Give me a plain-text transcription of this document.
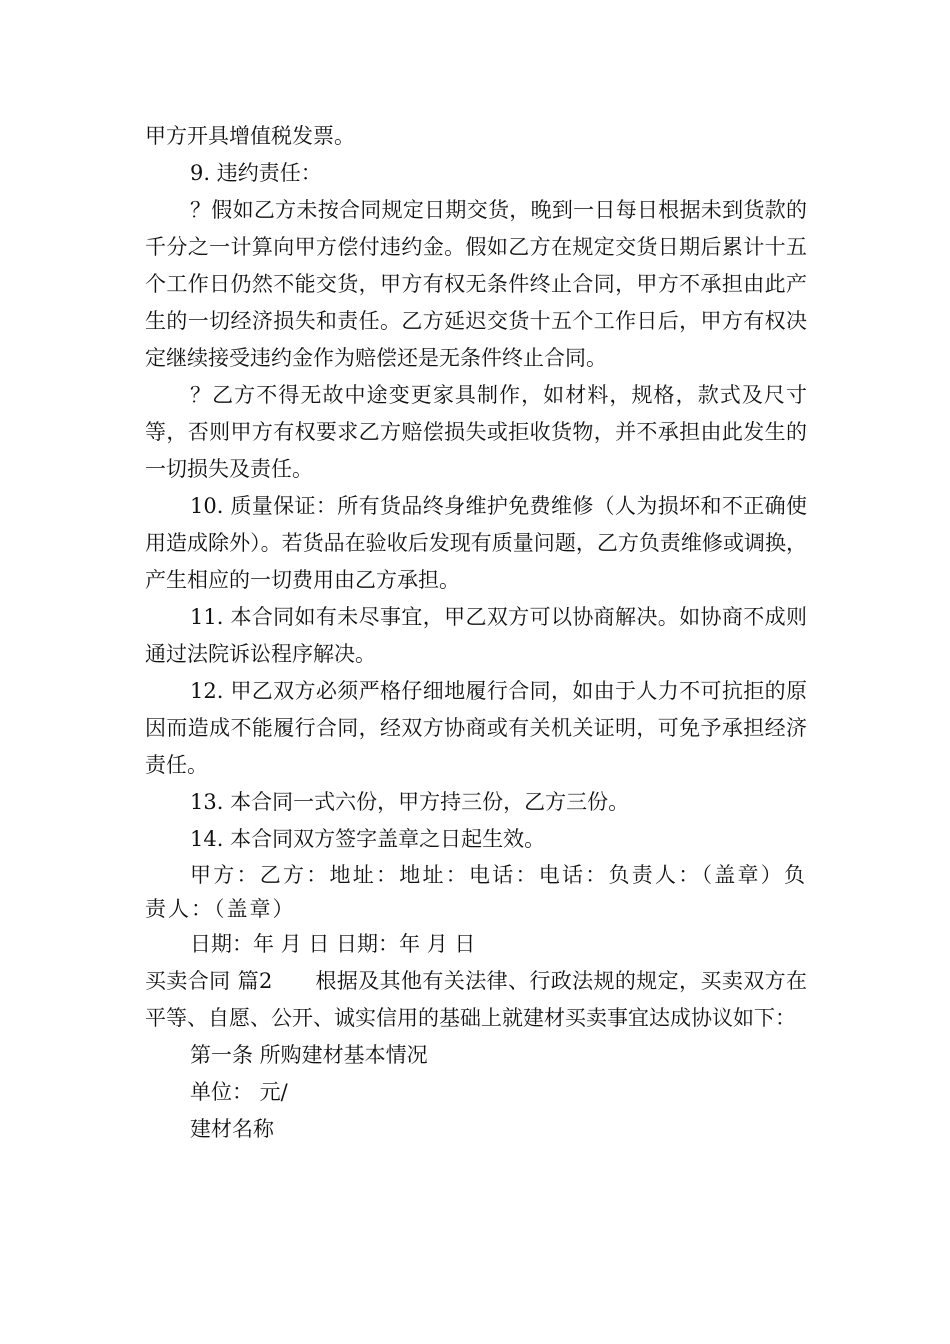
甲方开具增值税发票。

9. 违约责任：

？假如乙方未按合同规定日期交货，晚到一日每日根据未到货款的千分之一计算向甲方偿付违约金。假如乙方在规定交货日期后累计十五个工作日仍然不能交货，甲方有权无条件终止合同，甲方不承担由此产生的一切经济损失和责任。乙方延迟交货十五个工作日后，甲方有权决定继续接受违约金作为赔偿还是无条件终止合同。

？乙方不得无故中途变更家具制作，如材料，规格，款式及尺寸等，否则甲方有权要求乙方赔偿损失或拒收货物，并不承担由此发生的一切损失及责任。

10. 质量保证：所有货品终身维护免费维修（人为损坏和不正确使用造成除外）。若货品在验收后发现有质量问题，乙方负责维修或调换，产生相应的一切费用由乙方承担。

11. 本合同如有未尽事宜，甲乙双方可以协商解决。如协商不成则通过法院诉讼程序解决。

12. 甲乙双方必须严格仔细地履行合同，如由于人力不可抗拒的原因而造成不能履行合同，经双方协商或有关机关证明，可免予承担经济责任。

13. 本合同一式六份，甲方持三份，乙方三份。

14. 本合同双方签字盖章之日起生效。

甲方：乙方：地址：地址：电话：电话：负责人：（盖章）负责人：（盖章）

日期：年 月 日 日期：年 月 日

买卖合同 篇2　　根据及其他有关法律、行政法规的规定，买卖双方在平等、自愿、公开、诚实信用的基础上就建材买卖事宜达成协议如下：

第一条 所购建材基本情况

单位： 元/

建材名称
